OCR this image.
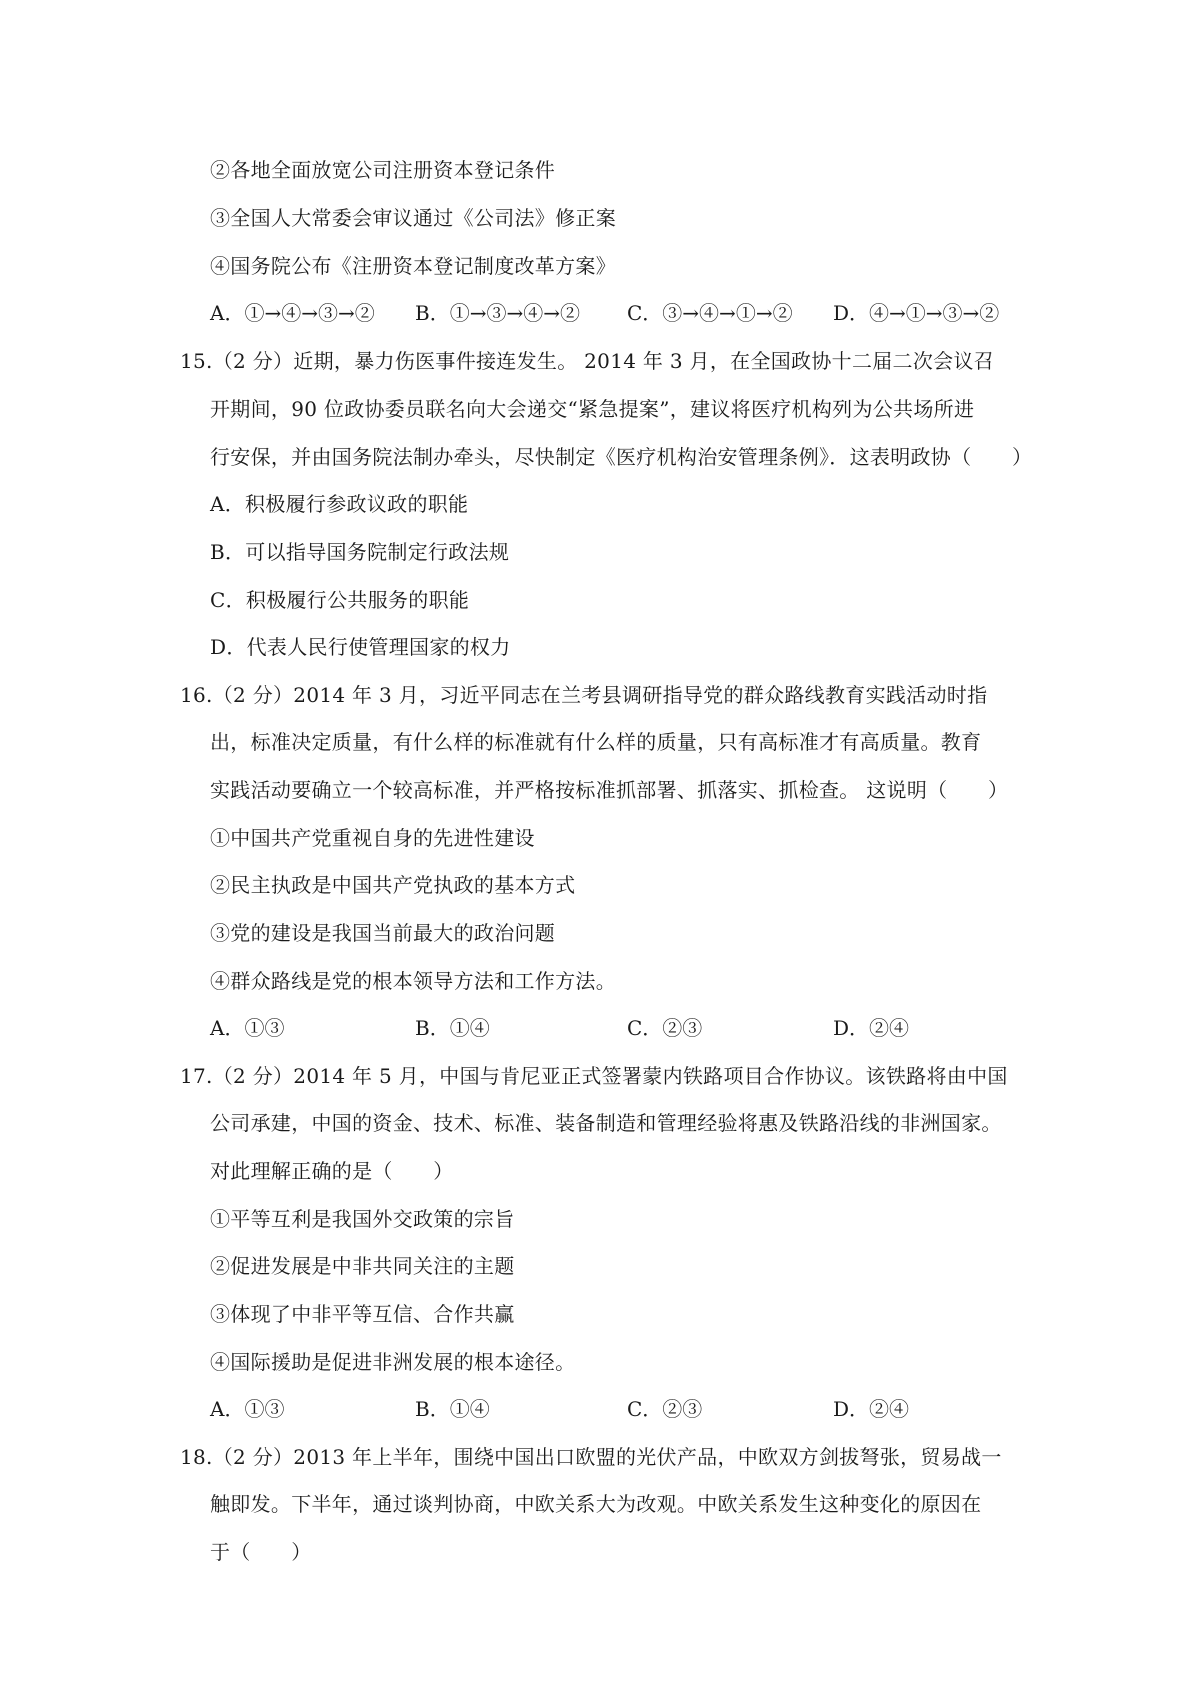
②各地全面放宽公司注册资本登记条件
③全国人大常委会审议通过《公司法》修正案
④国务院公布《注册资本登记制度改革方案》
A．①→④→③→② B．①→③→④→② C．③→④→①→② D．④→①→③→②
15.（2 分）近期，暴力伤医事件接连发生。 2014 年 3 月，在全国政协十二届二次会议召
开期间，90 位政协委员联名向大会递交“紧急提案”，建议将医疗机构列为公共场所进
行安保，并由国务院法制办牵头，尽快制定《医疗机构治安管理条例》．这表明政协（　　）
A．积极履行参政议政的职能
B．可以指导国务院制定行政法规
C．积极履行公共服务的职能
D．代表人民行使管理国家的权力
16.（2 分）2014 年 3 月，习近平同志在兰考县调研指导党的群众路线教育实践活动时指
出，标准决定质量，有什么样的标准就有什么样的质量，只有高标准才有高质量。教育
实践活动要确立一个较高标准，并严格按标准抓部署、抓落实、抓检查。 这说明（　　）
①中国共产党重视自身的先进性建设
②民主执政是中国共产党执政的基本方式
③党的建设是我国当前最大的政治问题
④群众路线是党的根本领导方法和工作方法。
A．①③	B．①④	C．②③	D．②④
17.（2 分）2014 年 5 月，中国与肯尼亚正式签署蒙内铁路项目合作协议。该铁路将由中国
公司承建，中国的资金、技术、标准、装备制造和管理经验将惠及铁路沿线的非洲国家。
对此理解正确的是（　　）
①平等互利是我国外交政策的宗旨
②促进发展是中非共同关注的主题
③体现了中非平等互信、合作共赢
④国际援助是促进非洲发展的根本途径。
A．①③	B．①④	C．②③	D．②④
18.（2 分）2013 年上半年，围绕中国出口欧盟的光伏产品，中欧双方剑拔弩张，贸易战一
触即发。下半年，通过谈判协商，中欧关系大为改观。中欧关系发生这种变化的原因在
于（　　）
